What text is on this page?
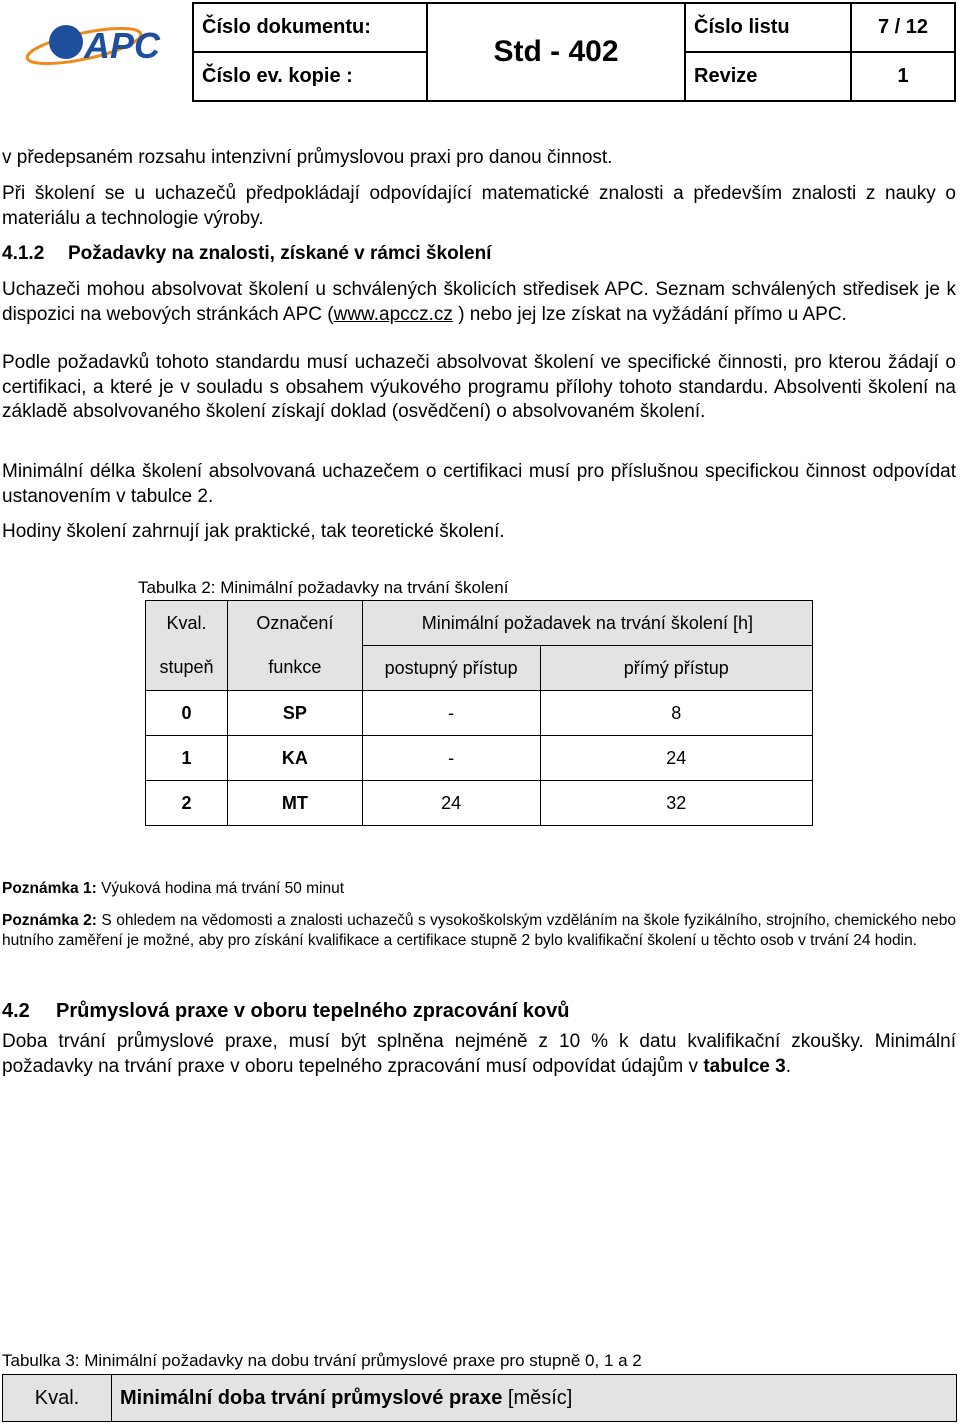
APC Číslo dokumentu:	Std - 402	Číslo listu	7 / 12
Číslo ev. kopie :		Revize	1

v předepsaném rozsahu intenzivní průmyslovou praxi pro danou činnost.

Při školení se u uchazečů předpokládají odpovídající matematické znalosti a především znalosti z nauky o materiálu a technologie výroby.

4.1.2 Požadavky na znalosti, získané v rámci školení

Uchazeči mohou absolvovat školení u schválených školicích středisek APC. Seznam schválených středisek je k dispozici na webových stránkách APC (www.apccz.cz ) nebo jej lze získat na vyžádání přímo u APC.

Podle požadavků tohoto standardu musí uchazeči absolvovat školení ve specifické činnosti, pro kterou žádají o certifikaci, a které je v souladu s obsahem výukového programu přílohy tohoto standardu. Absolventi školení na základě absolvovaného školení získají doklad (osvědčení) o absolvovaném školení.

Minimální délka školení absolvovaná uchazečem o certifikaci musí pro příslušnou specifickou činnost odpovídat ustanovením v tabulce 2.

Hodiny školení zahrnují jak praktické, tak teoretické školení.

Tabulka 2: Minimální požadavky na trvání školení

Kval.	Označení	Minimální požadavek na trvání školení [h]	
stupeň	funkce	postupný přístup	přímý přístup
0	SP	-	8
1	KA	-	24
2	MT	24	32

Poznámka 1: Výuková hodina má trvání 50 minut

Poznámka 2: S ohledem na vědomosti a znalosti uchazečů s vysokoškolským vzděláním na škole fyzikálního, strojního, chemického nebo hutního zaměření je možné, aby pro získání kvalifikace a certifikace stupně 2 bylo kvalifikační školení u těchto osob v trvání 24 hodin.

4.2 Průmyslová praxe v oboru tepelného zpracování kovů

Doba trvání průmyslové praxe, musí být splněna nejméně z 10 % k datu kvalifikační zkoušky. Minimální požadavky na trvání praxe v oboru tepelného zpracování musí odpovídat údajům v tabulce 3.

Tabulka 3: Minimální požadavky na dobu trvání průmyslové praxe pro stupně 0, 1 a 2

Kval.	Minimální doba trvání průmyslové praxe [měsíc]
